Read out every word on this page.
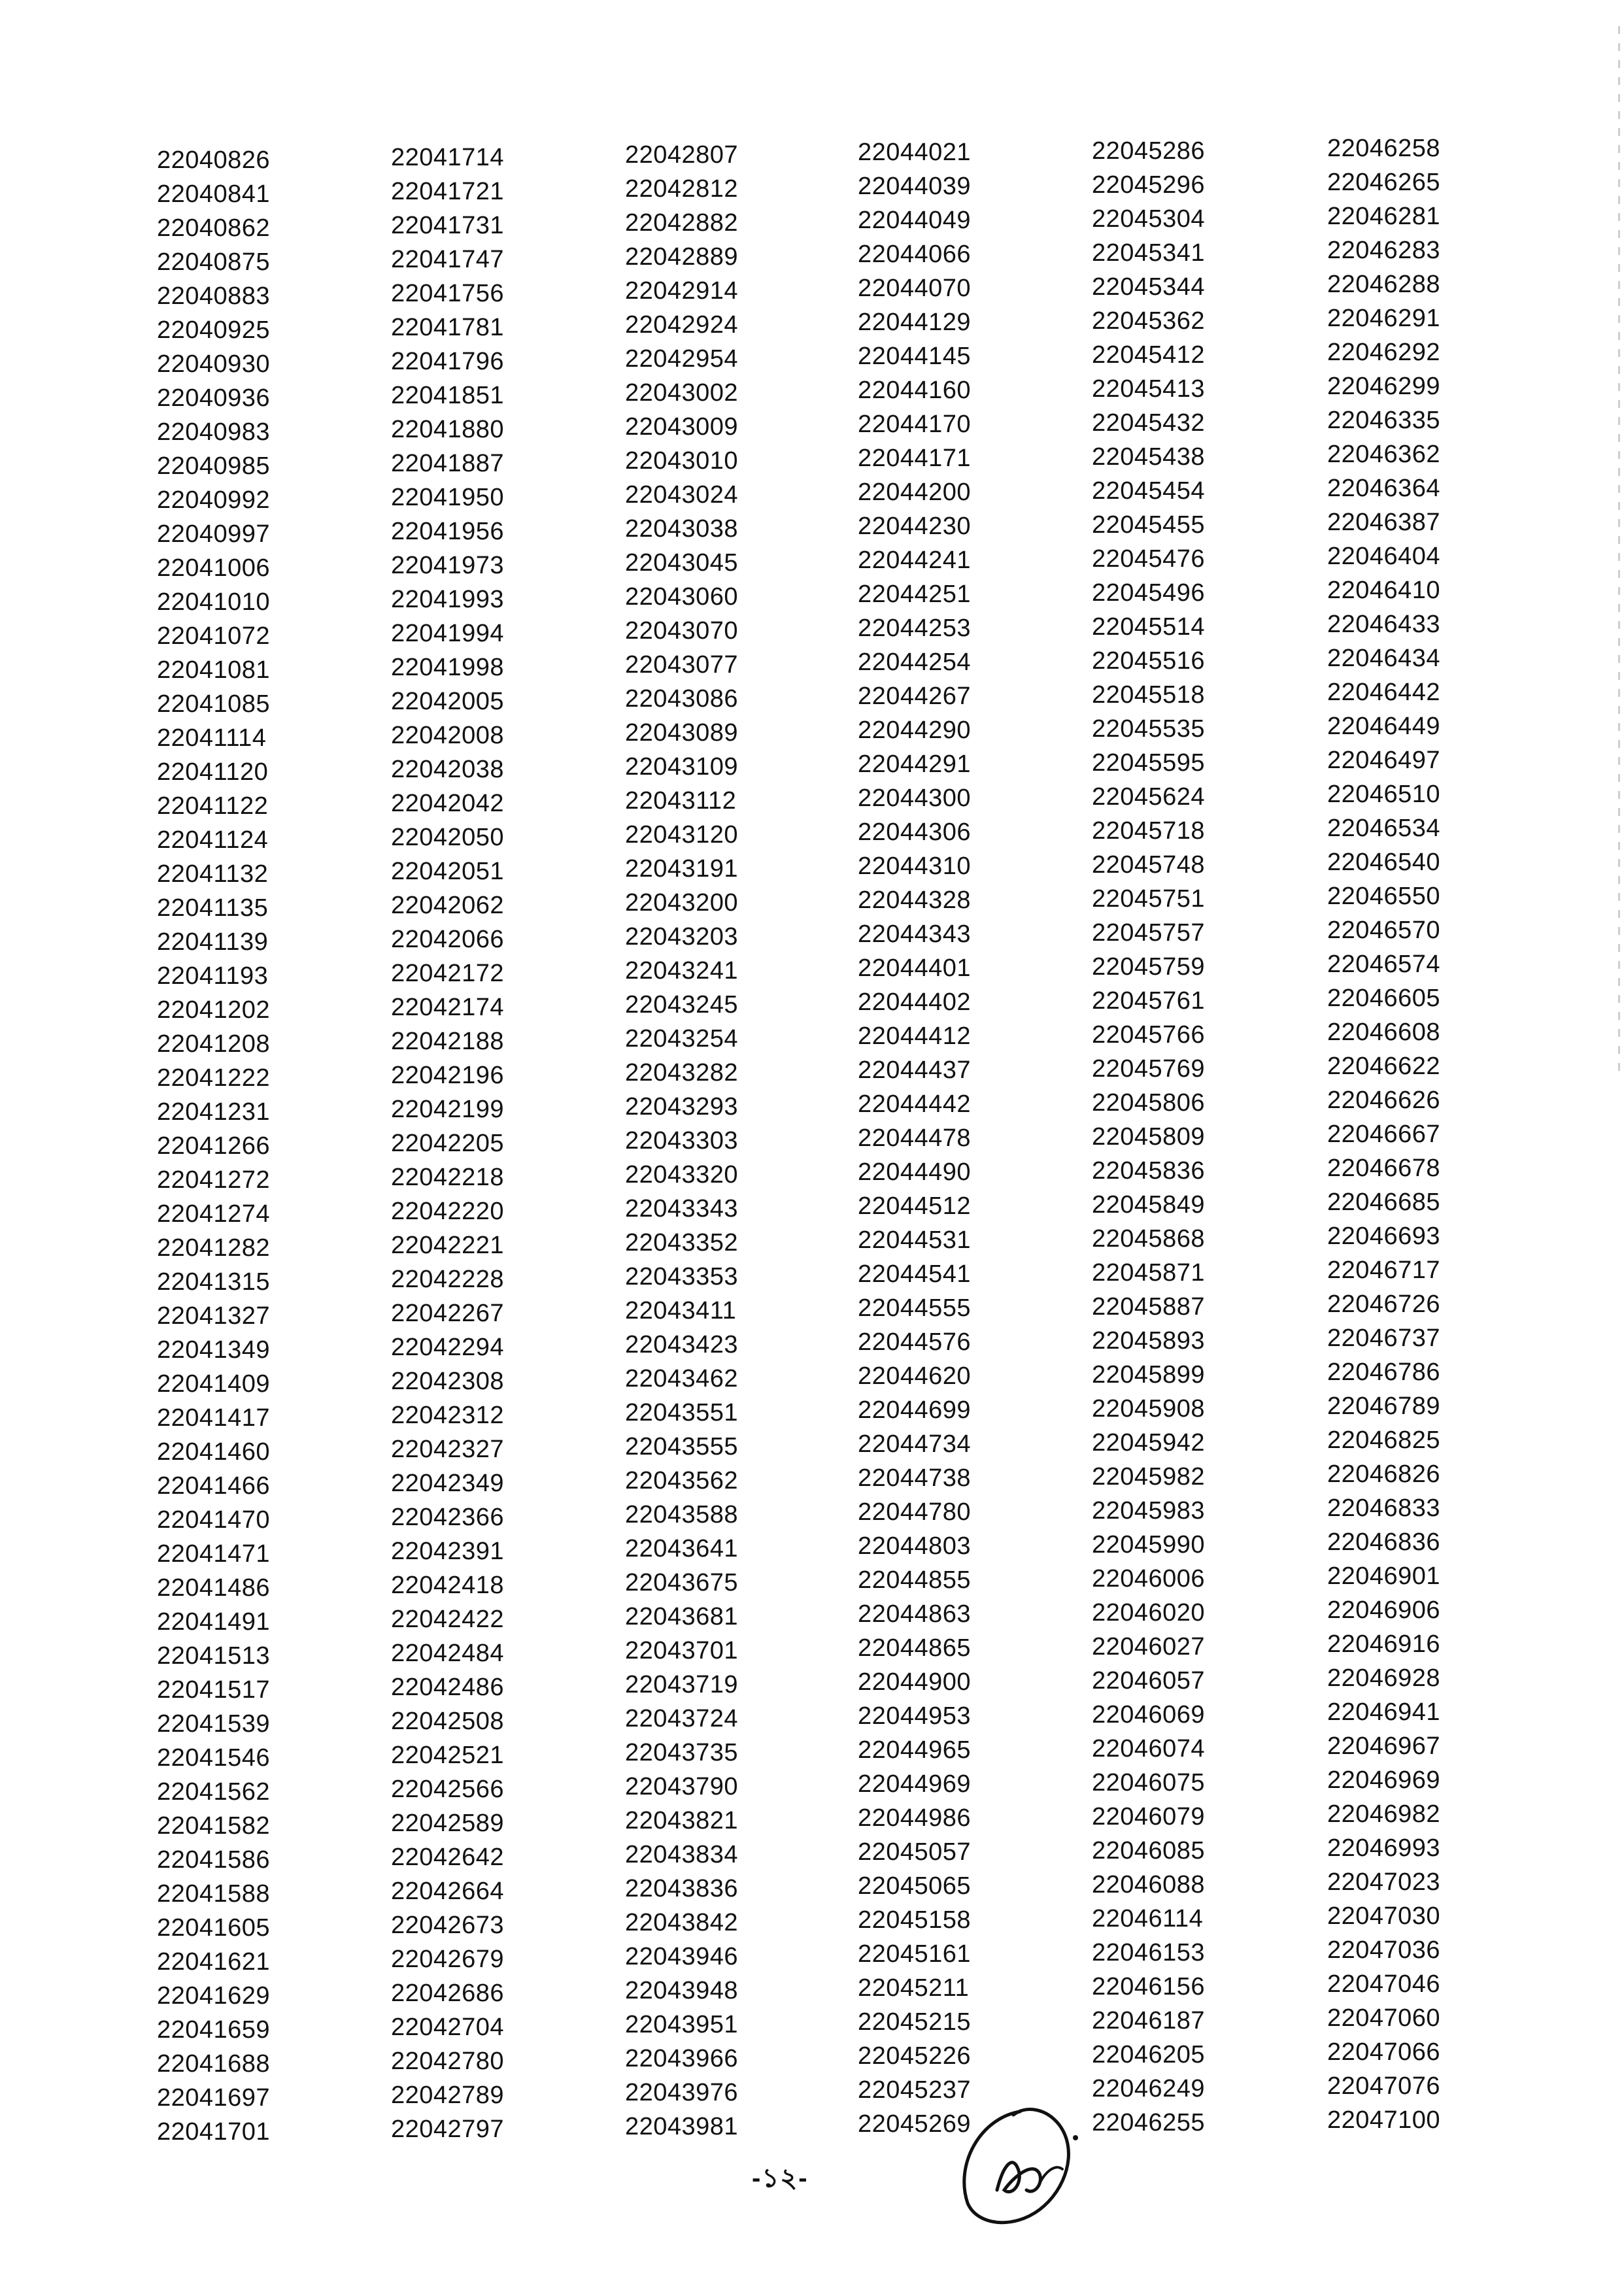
22040826
22040841
22040862
22040875
22040883
22040925
22040930
22040936
22040983
22040985
22040992
22040997
22041006
22041010
22041072
22041081
22041085
22041114
22041120
22041122
22041124
22041132
22041135
22041139
22041193
22041202
22041208
22041222
22041231
22041266
22041272
22041274
22041282
22041315
22041327
22041349
22041409
22041417
22041460
22041466
22041470
22041471
22041486
22041491
22041513
22041517
22041539
22041546
22041562
22041582
22041586
22041588
22041605
22041621
22041629
22041659
22041688
22041697
22041701
22041714
22041721
22041731
22041747
22041756
22041781
22041796
22041851
22041880
22041887
22041950
22041956
22041973
22041993
22041994
22041998
22042005
22042008
22042038
22042042
22042050
22042051
22042062
22042066
22042172
22042174
22042188
22042196
22042199
22042205
22042218
22042220
22042221
22042228
22042267
22042294
22042308
22042312
22042327
22042349
22042366
22042391
22042418
22042422
22042484
22042486
22042508
22042521
22042566
22042589
22042642
22042664
22042673
22042679
22042686
22042704
22042780
22042789
22042797
22042807
22042812
22042882
22042889
22042914
22042924
22042954
22043002
22043009
22043010
22043024
22043038
22043045
22043060
22043070
22043077
22043086
22043089
22043109
22043112
22043120
22043191
22043200
22043203
22043241
22043245
22043254
22043282
22043293
22043303
22043320
22043343
22043352
22043353
22043411
22043423
22043462
22043551
22043555
22043562
22043588
22043641
22043675
22043681
22043701
22043719
22043724
22043735
22043790
22043821
22043834
22043836
22043842
22043946
22043948
22043951
22043966
22043976
22043981
22044021
22044039
22044049
22044066
22044070
22044129
22044145
22044160
22044170
22044171
22044200
22044230
22044241
22044251
22044253
22044254
22044267
22044290
22044291
22044300
22044306
22044310
22044328
22044343
22044401
22044402
22044412
22044437
22044442
22044478
22044490
22044512
22044531
22044541
22044555
22044576
22044620
22044699
22044734
22044738
22044780
22044803
22044855
22044863
22044865
22044900
22044953
22044965
22044969
22044986
22045057
22045065
22045158
22045161
22045211
22045215
22045226
22045237
22045269
22045286
22045296
22045304
22045341
22045344
22045362
22045412
22045413
22045432
22045438
22045454
22045455
22045476
22045496
22045514
22045516
22045518
22045535
22045595
22045624
22045718
22045748
22045751
22045757
22045759
22045761
22045766
22045769
22045806
22045809
22045836
22045849
22045868
22045871
22045887
22045893
22045899
22045908
22045942
22045982
22045983
22045990
22046006
22046020
22046027
22046057
22046069
22046074
22046075
22046079
22046085
22046088
22046114
22046153
22046156
22046187
22046205
22046249
22046255
22046258
22046265
22046281
22046283
22046288
22046291
22046292
22046299
22046335
22046362
22046364
22046387
22046404
22046410
22046433
22046434
22046442
22046449
22046497
22046510
22046534
22046540
22046550
22046570
22046574
22046605
22046608
22046622
22046626
22046667
22046678
22046685
22046693
22046717
22046726
22046737
22046786
22046789
22046825
22046826
22046833
22046836
22046901
22046906
22046916
22046928
22046941
22046967
22046969
22046982
22046993
22047023
22047030
22047036
22047046
22047060
22047066
22047076
22047100
-১২-
